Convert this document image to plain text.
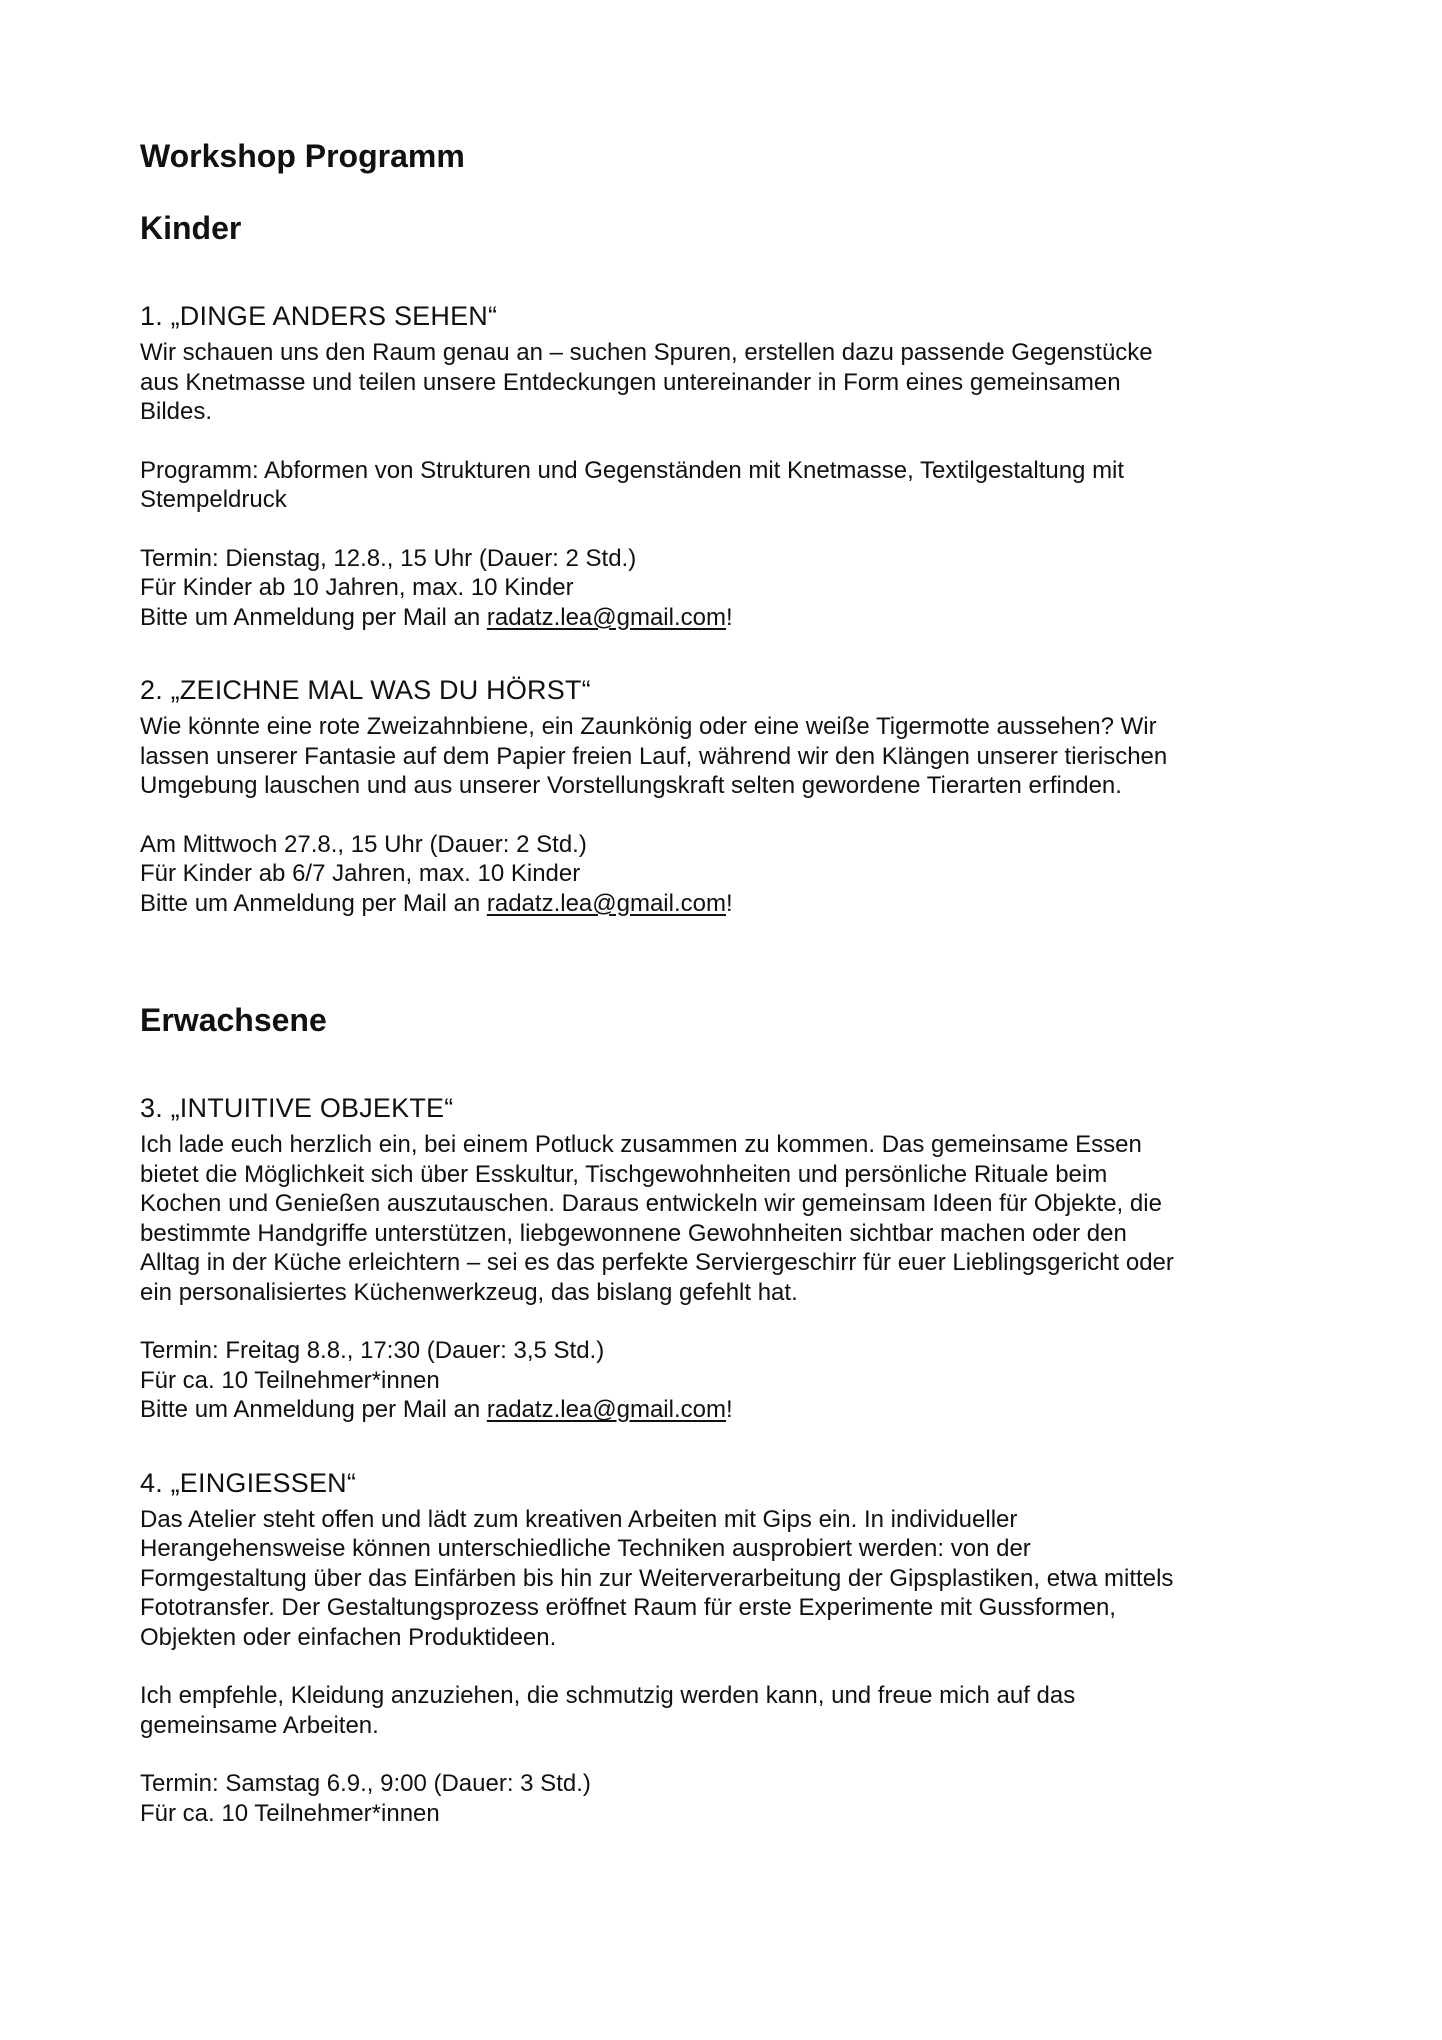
Workshop Programm
Kinder
1. „DINGE ANDERS SEHEN“

Wir schauen uns den Raum genau an – suchen Spuren, erstellen dazu passende Gegenstücke
aus Knetmasse und teilen unsere Entdeckungen untereinander in Form eines gemeinsamen
Bildes.

Programm: Abformen von Strukturen und Gegenständen mit Knetmasse, Textilgestaltung mit
Stempeldruck

Termin: Dienstag, 12.8., 15 Uhr (Dauer: 2 Std.)
Für Kinder ab 10 Jahren, max. 10 Kinder
Bitte um Anmeldung per Mail an radatz.lea@gmail.com!

2. „ZEICHNE MAL WAS DU HÖRST“

Wie könnte eine rote Zweizahnbiene, ein Zaunkönig oder eine weiße Tigermotte aussehen? Wir
lassen unserer Fantasie auf dem Papier freien Lauf, während wir den Klängen unserer tierischen
Umgebung lauschen und aus unserer Vorstellungskraft selten gewordene Tierarten erfinden.

Am Mittwoch 27.8., 15 Uhr (Dauer: 2 Std.)
Für Kinder ab 6/7 Jahren, max. 10 Kinder
Bitte um Anmeldung per Mail an radatz.lea@gmail.com!

Erwachsene
3. „INTUITIVE OBJEKTE“

Ich lade euch herzlich ein, bei einem Potluck zusammen zu kommen. Das gemeinsame Essen
bietet die Möglichkeit sich über Esskultur, Tischgewohnheiten und persönliche Rituale beim
Kochen und Genießen auszutauschen. Daraus entwickeln wir gemeinsam Ideen für Objekte, die
bestimmte Handgriffe unterstützen, liebgewonnene Gewohnheiten sichtbar machen oder den
Alltag in der Küche erleichtern – sei es das perfekte Serviergeschirr für euer Lieblingsgericht oder
ein personalisiertes Küchenwerkzeug, das bislang gefehlt hat.

Termin: Freitag 8.8., 17:30 (Dauer: 3,5 Std.)
Für ca. 10 Teilnehmer*innen
Bitte um Anmeldung per Mail an radatz.lea@gmail.com!

4. „EINGIESSEN“

Das Atelier steht offen und lädt zum kreativen Arbeiten mit Gips ein. In individueller
Herangehensweise können unterschiedliche Techniken ausprobiert werden: von der
Formgestaltung über das Einfärben bis hin zur Weiterverarbeitung der Gipsplastiken, etwa mittels
Fototransfer. Der Gestaltungsprozess eröffnet Raum für erste Experimente mit Gussformen,
Objekten oder einfachen Produktideen.

Ich empfehle, Kleidung anzuziehen, die schmutzig werden kann, und freue mich auf das
gemeinsame Arbeiten.

Termin: Samstag 6.9., 9:00 (Dauer: 3 Std.)
Für ca. 10 Teilnehmer*innen
